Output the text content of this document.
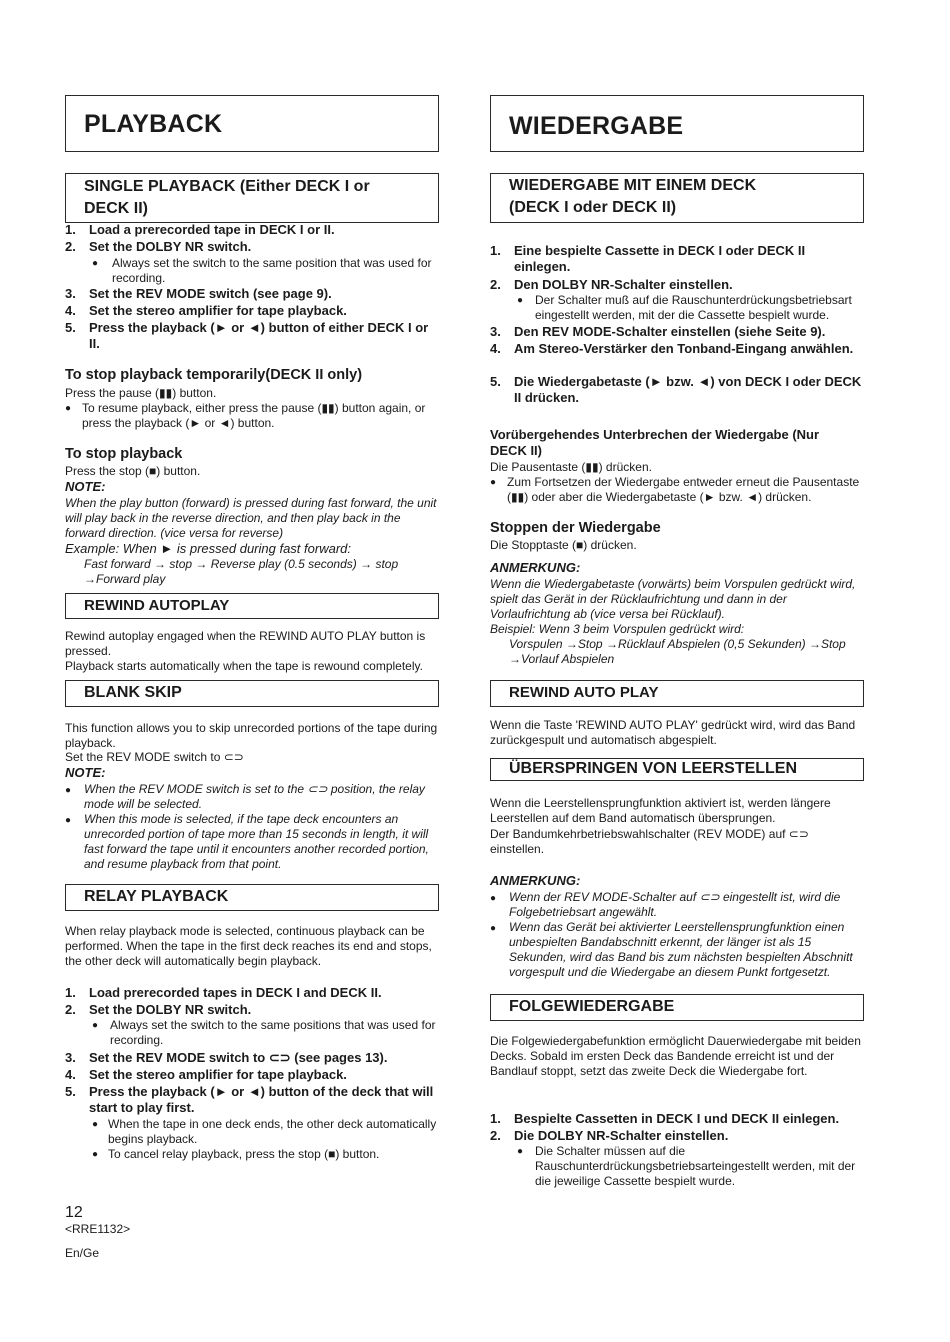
PLAYBACK
SINGLE PLAYBACK (Either DECK I or DECK II)
1. Load a prerecorded tape in DECK I or II.
2. Set the DOLBY NR switch.
● Always set the switch to the same position that was used for recording.
3. Set the REV MODE switch (see page 9).
4. Set the stereo amplifier for tape playback.
5. Press the playback (► or ◄) button of either DECK I or II.
To stop playback temporarily(DECK II only)
Press the pause (▮▮) button.
● To resume playback, either press the pause (▮▮) button again, or press the playback (► or ◄) button.
To stop playback
Press the stop (■) button.
NOTE:
When the play button (forward) is pressed during fast forward, the unit will play back in the reverse direction, and then play back in the forward direction. (vice versa for reverse)
Example: When ► is pressed during fast forward:
Fast forward → stop → Reverse play (0.5 seconds) → stop
→Forward play
REWIND AUTOPLAY
Rewind autoplay engaged when the REWIND AUTO PLAY button is pressed.
Playback starts automatically when the tape is rewound completely.
BLANK SKIP
This function allows you to skip unrecorded portions of the tape during playback.
Set the REV MODE switch to ⊂⊃
NOTE:
● When the REV MODE switch is set to the ⊂⊃ position, the relay mode will be selected.
● When this mode is selected, if the tape deck encounters an unrecorded portion of tape more than 15 seconds in length, it will fast forward the tape until it encounters another recorded portion, and resume playback from that point.
RELAY PLAYBACK
When relay playback mode is selected, continuous playback can be performed. When the tape in the first deck reaches its end and stops, the other deck will automatically begin playback.
1. Load prerecorded tapes in DECK I and DECK II.
2. Set the DOLBY NR switch.
● Always set the switch to the same positions that was used for recording.
3. Set the REV MODE switch to ⊂⊃ (see pages 13).
4. Set the stereo amplifier for tape playback.
5. Press the playback (► or ◄) button of the deck that will start to play first.
● When the tape in one deck ends, the other deck automatically begins playback.
● To cancel relay playback, press the stop (■) button.
12
<RRE1132>
En/Ge
WIEDERGABE
WIEDERGABE MIT EINEM DECK (DECK I oder DECK II)
1. Eine bespielte Cassette in DECK I oder DECK II einlegen.
2. Den DOLBY NR-Schalter einstellen.
● Der Schalter muß auf die Rauschunterdrückungsbetriebsart eingestellt werden, mit der die Cassette bespielt wurde.
3. Den REV MODE-Schalter einstellen (siehe Seite 9).
4. Am Stereo-Verstärker den Tonband-Eingang anwählen.
5. Die Wiedergabetaste (► bzw. ◄) von DECK I oder DECK II drücken.
Vorübergehendes Unterbrechen der Wiedergabe (Nur DECK II)
Die Pausentaste (▮▮) drücken.
● Zum Fortsetzen der Wiedergabe entweder erneut die Pausentaste (▮▮) oder aber die Wiedergabetaste (► bzw. ◄) drücken.
Stoppen der Wiedergabe
Die Stopptaste (■) drücken.
ANMERKUNG:
Wenn die Wiedergabetaste (vorwärts) beim Vorspulen gedrückt wird, spielt das Gerät in der Rücklaufrichtung und dann in der Vorlaufrichtung ab (vice versa bei Rücklauf).
Beispiel: Wenn 3 beim Vorspulen gedrückt wird:
Vorspulen →Stop →Rücklauf Abspielen (0,5 Sekunden) →Stop
→Vorlauf Abspielen
REWIND AUTO PLAY
Wenn die Taste 'REWIND AUTO PLAY' gedrückt wird, wird das Band zurückgespult und automatisch abgespielt.
ÜBERSPRINGEN VON LEERSTELLEN
Wenn die Leerstellensprungfunktion aktiviert ist, werden längere Leerstellen auf dem Band automatisch übersprungen.
Der Bandumkehrbetriebswahlschalter (REV MODE) auf ⊂⊃ einstellen.
ANMERKUNG:
● Wenn der REV MODE-Schalter auf ⊂⊃ eingestellt ist, wird die Folgebetriebsart angewählt.
● Wenn das Gerät bei aktivierter Leerstellensprungfunktion einen unbespielten Bandabschnitt erkennt, der länger ist als 15 Sekunden, wird das Band bis zum nächsten bespielten Abschnitt vorgespult und die Wiedergabe an diesem Punkt fortgesetzt.
FOLGEWIEDERGABE
Die Folgewiedergabefunktion ermöglicht Dauerwiedergabe mit beiden Decks. Sobald im ersten Deck das Bandende erreicht ist und der Bandlauf stoppt, setzt das zweite Deck die Wiedergabe fort.
1. Bespielte Cassetten in DECK I und DECK II einlegen.
2. Die DOLBY NR-Schalter einstellen.
● Die Schalter müssen auf die Rauschunterdrückungsbetriebsarteingestellt werden, mit der die jeweilige Cassette bespielt wurde.
